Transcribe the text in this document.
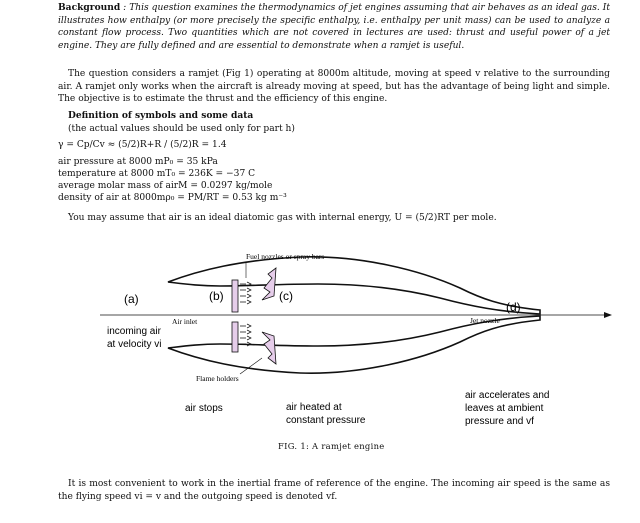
Background : This question examines the thermodynamics of jet engines assuming that air behaves as an ideal gas. It illustrates how enthalpy (or more precisely the specific enthalpy, i.e. enthalpy per unit mass) can be used to analyze a constant flow process. Two quantities which are not covered in lectures are used: thrust and useful power of a jet engine. They are fully defined and are essential to demonstrate when a ramjet is useful.
The question considers a ramjet (Fig 1) operating at 8000m altitude, moving at speed v relative to the surrounding air. A ramjet only works when the aircraft is already moving at speed, but has the advantage of being light and simple. The objective is to estimate the thrust and the efficiency of this engine.
Definition of symbols and some data
(the actual values should be used only for part h)
γ = Cp/Cv ≈ (5/2)R+R / (5/2)R = 1.4
air pressure at 8000 mP₀ = 35 kPa
temperature at 8000 mT₀ = 236K = −37 C
average molar mass of airM = 0.0297 kg/mole
density of air at 8000mρ₀ = PM/RT = 0.53 kg m⁻³
You may assume that air is an ideal diatomic gas with internal energy, U = (5/2)RT per mole.
Fuel nozzles or spray bars
(a)	(b)	(c)
(d)
Air inlet	Jet nozzle
Flame holders
incoming air
at velocity vi
air stops	air heated at
constant pressure
air accelerates and
leaves at ambient
pressure and vf
FIG. 1: A ramjet engine
It is most convenient to work in the inertial frame of reference of the engine. The incoming air speed is the same as the flying speed vi = v and the outgoing speed is denoted vf.
